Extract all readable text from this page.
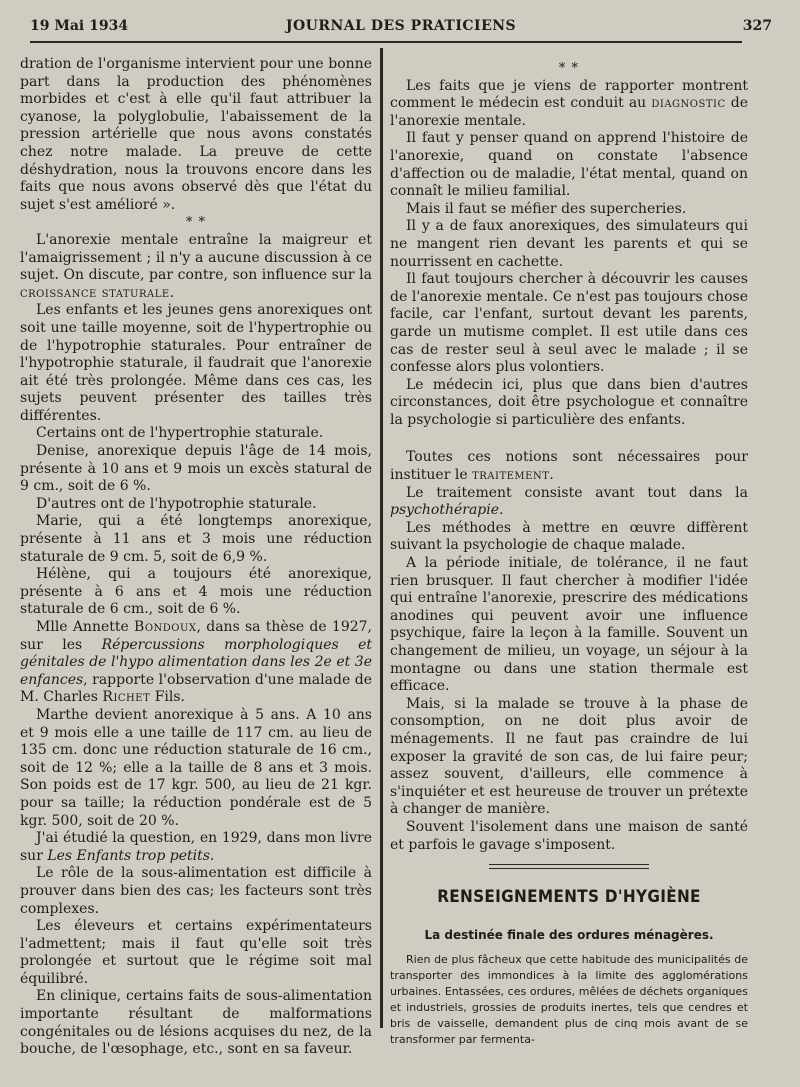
19 Mai 1934	JOURNAL DES PRATICIENS	327

dration de l'organisme intervient pour une bonne part dans la production des phénomènes morbides et c'est à elle qu'il faut attribuer la cyanose, la polyglobulie, l'abaissement de la pression artérielle que nous avons constatés chez notre malade. La preuve de cette déshydration, nous la trouvons encore dans les faits que nous avons observé dès que l'état du sujet s'est amélioré ».

* *

L'anorexie mentale entraîne la maigreur et l'amaigrissement ; il n'y a aucune discussion à ce sujet. On discute, par contre, son influence sur la croissance staturale.

Les enfants et les jeunes gens anorexiques ont soit une taille moyenne, soit de l'hypertrophie ou de l'hypotrophie staturales. Pour entraîner de l'hypotrophie staturale, il faudrait que l'anorexie ait été très prolongée. Même dans ces cas, les sujets peuvent présenter des tailles très différentes.

Certains ont de l'hypertrophie staturale.

Denise, anorexique depuis l'âge de 14 mois, présente à 10 ans et 9 mois un excès statural de 9 cm., soit de 6 %.

D'autres ont de l'hypotrophie staturale.

Marie, qui a été longtemps anorexique, présente à 11 ans et 3 mois une réduction staturale de 9 cm. 5, soit de 6,9 %.

Hélène, qui a toujours été anorexique, présente à 6 ans et 4 mois une réduction staturale de 6 cm., soit de 6 %.

Mlle Annette Bondoux, dans sa thèse de 1927, sur les Répercussions morphologiques et génitales de l'hypo alimentation dans les 2e et 3e enfances, rapporte l'observation d'une malade de M. Charles Richet Fils.

Marthe devient anorexique à 5 ans. A 10 ans et 9 mois elle a une taille de 117 cm. au lieu de 135 cm. donc une réduction staturale de 16 cm., soit de 12 %; elle a la taille de 8 ans et 3 mois. Son poids est de 17 kgr. 500, au lieu de 21 kgr. pour sa taille; la réduction pondérale est de 5 kgr. 500, soit de 20 %.

J'ai étudié la question, en 1929, dans mon livre sur Les Enfants trop petits.

Le rôle de la sous-alimentation est difficile à prouver dans bien des cas; les facteurs sont très complexes.

Les éleveurs et certains expérimentateurs l'admettent; mais il faut qu'elle soit très prolongée et surtout que le régime soit mal équilibré.

En clinique, certains faits de sous-alimentation importante résultant de malformations congénitales ou de lésions acquises du nez, de la bouche, de l'œsophage, etc., sont en sa faveur.

* *

Les faits que je viens de rapporter montrent comment le médecin est conduit au diagnostic de l'anorexie mentale.

Il faut y penser quand on apprend l'histoire de l'anorexie, quand on constate l'absence d'affection ou de maladie, l'état mental, quand on connaît le milieu familial.

Mais il faut se méfier des supercheries.

Il y a de faux anorexiques, des simulateurs qui ne mangent rien devant les parents et qui se nourrissent en cachette.

Il faut toujours chercher à découvrir les causes de l'anorexie mentale. Ce n'est pas toujours chose facile, car l'enfant, surtout devant les parents, garde un mutisme complet. Il est utile dans ces cas de rester seul à seul avec le malade ; il se confesse alors plus volontiers.

Le médecin ici, plus que dans bien d'autres circonstances, doit être psychologue et connaître la psychologie si particulière des enfants.

Toutes ces notions sont nécessaires pour instituer le traitement.

Le traitement consiste avant tout dans la psychothérapie.

Les méthodes à mettre en œuvre diffèrent suivant la psychologie de chaque malade.

A la période initiale, de tolérance, il ne faut rien brusquer. Il faut chercher à modifier l'idée qui entraîne l'anorexie, prescrire des médications anodines qui peuvent avoir une influence psychique, faire la leçon à la famille. Souvent un changement de milieu, un voyage, un séjour à la montagne ou dans une station thermale est efficace.

Mais, si la malade se trouve à la phase de consomption, on ne doit plus avoir de ménagements. Il ne faut pas craindre de lui exposer la gravité de son cas, de lui faire peur; assez souvent, d'ailleurs, elle commence à s'inquiéter et est heureuse de trouver un prétexte à changer de manière.

Souvent l'isolement dans une maison de santé et parfois le gavage s'imposent.

RENSEIGNEMENTS D'HYGIÈNE
La destinée finale des ordures ménagères.

Rien de plus fâcheux que cette habitude des municipalités de transporter des immondices à la limite des agglomérations urbaines. Entassées, ces ordures, mêlées de déchets organiques et industriels, grossies de produits inertes, tels que cendres et bris de vaisselle, demandent plus de cinq mois avant de se transformer par fermenta-
